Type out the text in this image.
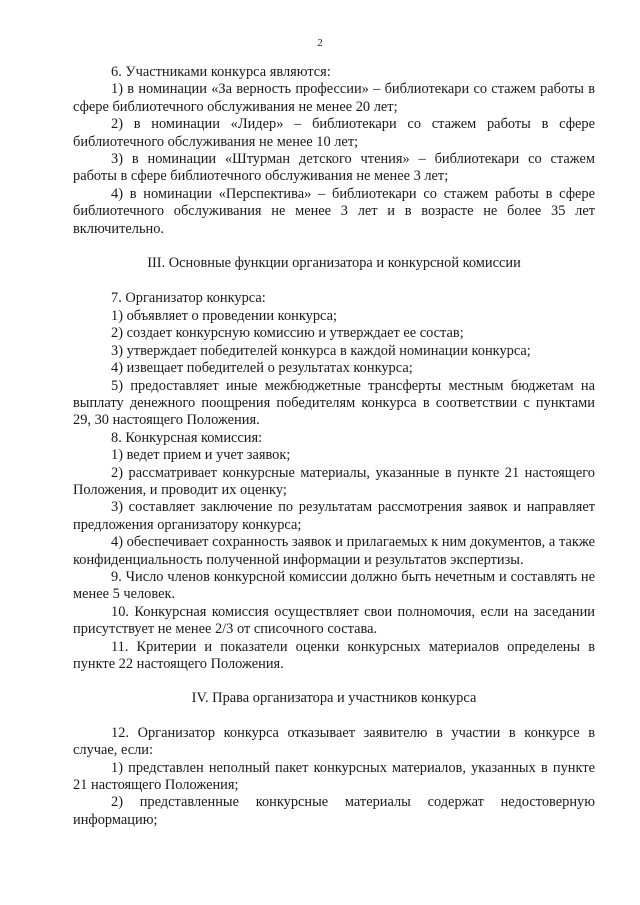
2

6. Участниками конкурса являются:

1) в номинации «За верность профессии» – библиотекари со стажем работы в сфере библиотечного обслуживания не менее 20 лет;

2) в номинации «Лидер» – библиотекари со стажем работы в сфере библиотечного обслуживания не менее 10 лет;

3) в номинации «Штурман детского чтения» – библиотекари со стажем работы в сфере библиотечного обслуживания не менее 3 лет;

4) в номинации «Перспектива» – библиотекари со стажем работы в сфере библиотечного обслуживания не менее 3 лет и в возрасте не более 35 лет включительно.

III. Основные функции организатора и конкурсной комиссии

7. Организатор конкурса:

1) объявляет о проведении конкурса;

2) создает конкурсную комиссию и утверждает ее состав;

3) утверждает победителей конкурса в каждой номинации конкурса;

4) извещает победителей о результатах конкурса;

5) предоставляет иные межбюджетные трансферты местным бюджетам на выплату денежного поощрения победителям конкурса в соответствии с пунктами 29, 30 настоящего Положения.

8. Конкурсная комиссия:

1) ведет прием и учет заявок;

2) рассматривает конкурсные материалы, указанные в пункте 21 настоящего Положения, и проводит их оценку;

3) составляет заключение по результатам рассмотрения заявок и направляет предложения организатору конкурса;

4) обеспечивает сохранность заявок и прилагаемых к ним документов, а также конфиденциальность полученной информации и результатов экспертизы.

9. Число членов конкурсной комиссии должно быть нечетным и составлять не менее 5 человек.

10. Конкурсная комиссия осуществляет свои полномочия, если на заседании присутствует не менее 2/3 от списочного состава.

11. Критерии и показатели оценки конкурсных материалов определены в пункте 22 настоящего Положения.

IV. Права организатора и участников конкурса

12. Организатор конкурса отказывает заявителю в участии в конкурсе в случае, если:

1) представлен неполный пакет конкурсных материалов, указанных в пункте 21 настоящего Положения;

2) представленные конкурсные материалы содержат недостоверную информацию;
